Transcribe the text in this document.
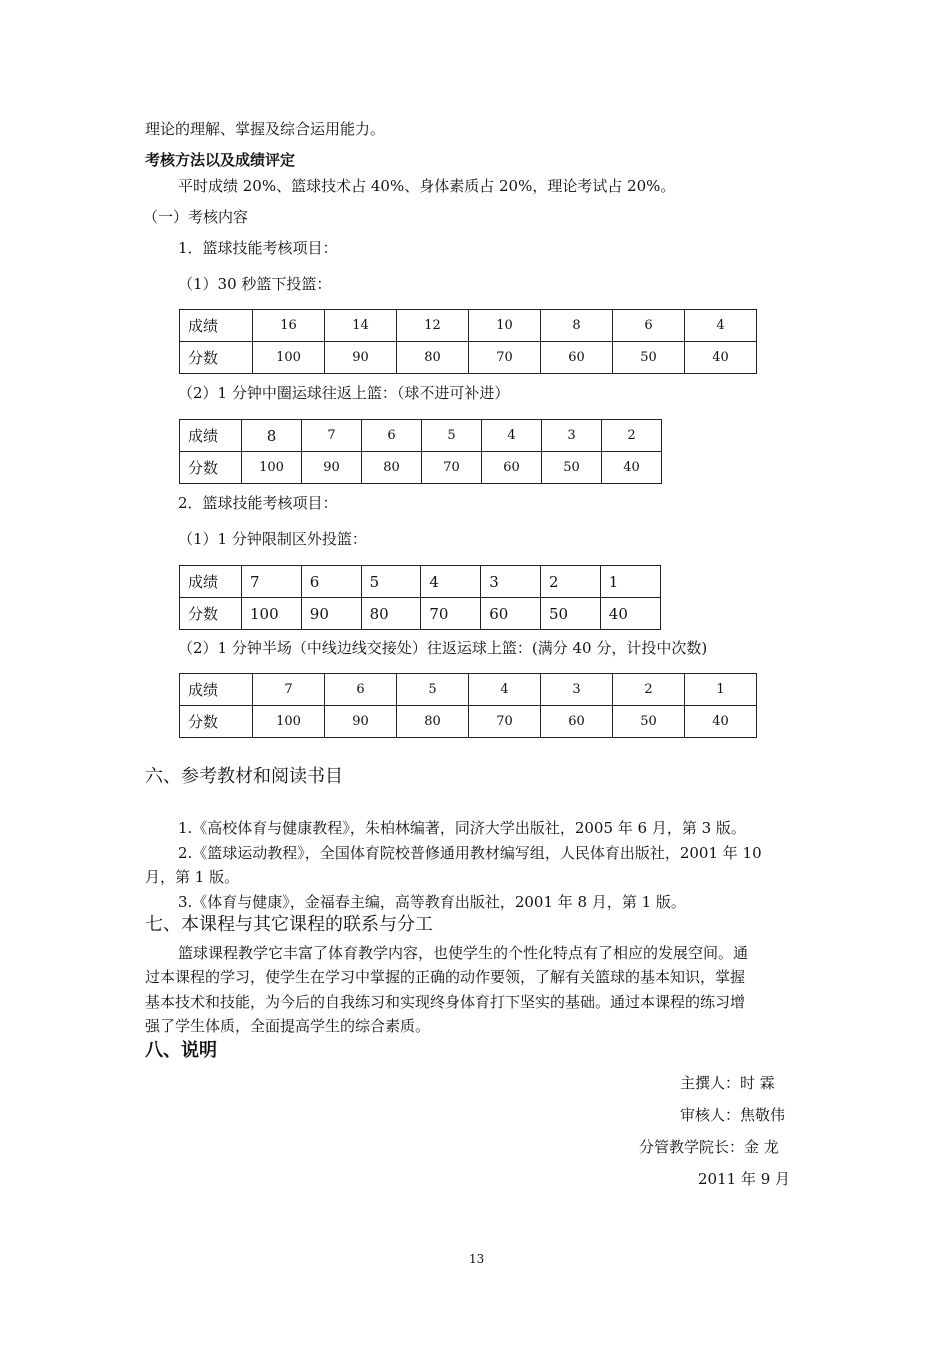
理论的理解、掌握及综合运用能力。
考核方法以及成绩评定
平时成绩 20%、篮球技术占 40%、身体素质占 20%，理论考试占 20%。
（一）考核内容
1．篮球技能考核项目：
（1）30 秒篮下投篮：
成绩	16	14	12	10	8	6	4
分数	100	90	80	70	60	50	40
（2）1 分钟中圈运球往返上篮：（球不进可补进）
成绩	8	7	6	5	4	3	2
分数	100	90	80	70	60	50	40
2．篮球技能考核项目：
（1）1 分钟限制区外投篮：
成绩	7	6	5	4	3	2	1
分数	100	90	80	70	60	50	40
（2）1 分钟半场（中线边线交接处）往返运球上篮：(满分 40 分，计投中次数)
成绩	7	6	5	4	3	2	1
分数	100	90	80	70	60	50	40
六、参考教材和阅读书目
1.《高校体育与健康教程》，朱柏林编著，同济大学出版社，2005 年 6 月，第 3 版。
2.《篮球运动教程》，全国体育院校普修通用教材编写组，人民体育出版社，2001 年 10
月，第 1 版。
3.《体育与健康》，金福春主编，高等教育出版社，2001 年 8 月，第 1 版。
七、本课程与其它课程的联系与分工
篮球课程教学它丰富了体育教学内容，也使学生的个性化特点有了相应的发展空间。通
过本课程的学习，使学生在学习中掌握的正确的动作要领，了解有关篮球的基本知识，掌握
基本技术和技能，为今后的自我练习和实现终身体育打下坚实的基础。通过本课程的练习增
强了学生体质，全面提高学生的综合素质。
八、说明
主撰人：时 霖
审核人：焦敬伟
分管教学院长：金 龙
2011 年 9 月
13
